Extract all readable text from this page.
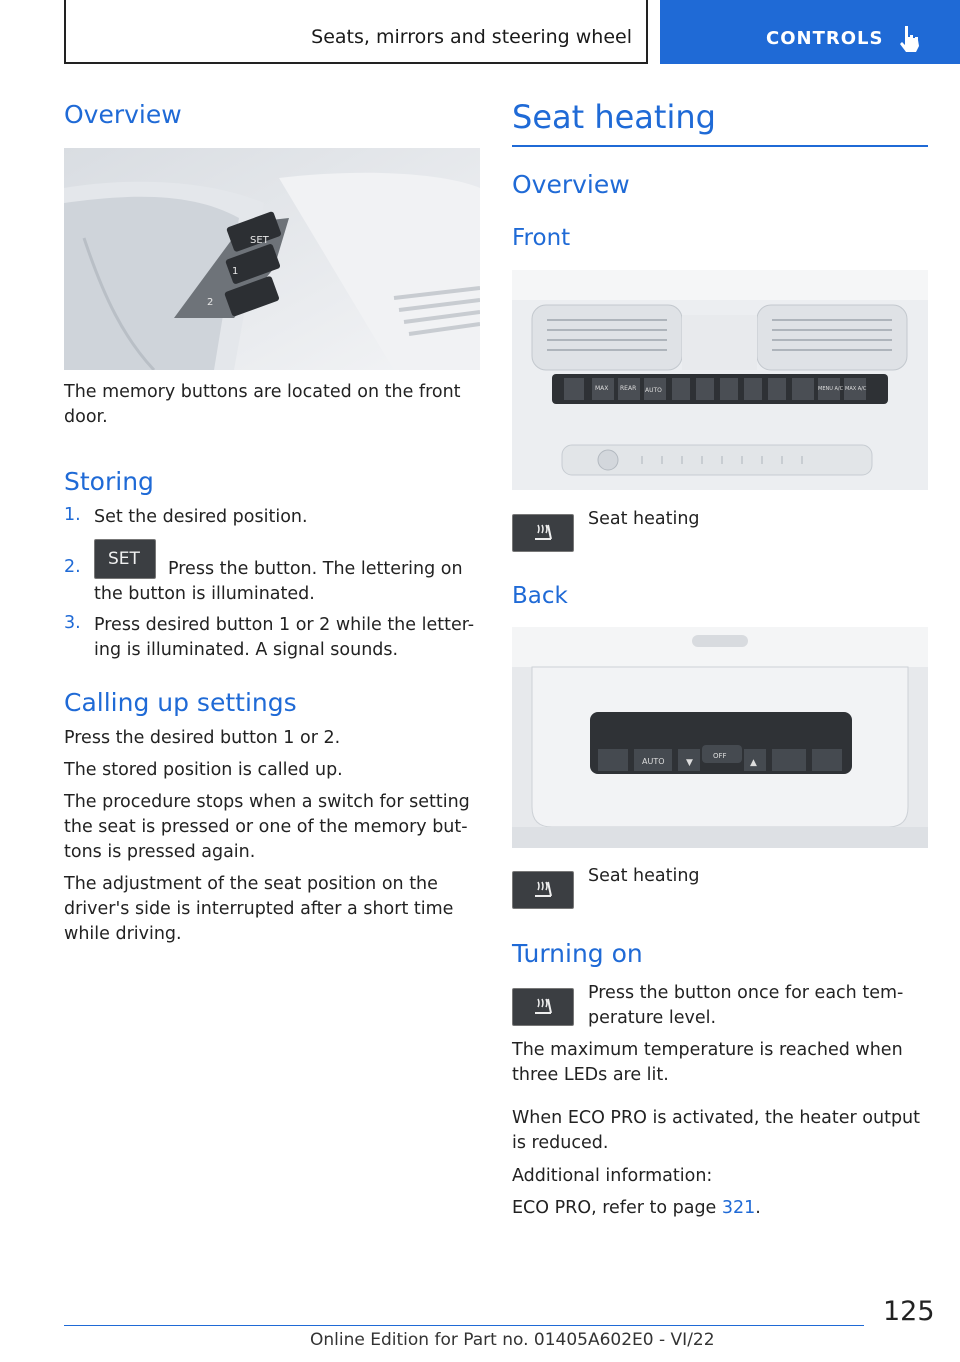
Seats, mirrors and steering wheel	CONTROLS
Overview
SET
1
2
The memory buttons are located on the front door.
Storing
1. Set the desired position.
2. SET	Press the button. The lettering on the button is illuminated.
3. Press desired button 1 or 2 while the letter-ing is illuminated. A signal sounds.
Calling up settings
Press the desired button 1 or 2.
The stored position is called up.
The procedure stops when a switch for setting the seat is pressed or one of the memory but-tons is pressed again.
The adjustment of the seat position on the driver's side is interrupted after a short time while driving.
Seat heating
Overview
Front
MAX REAR AUTO	MENU A/C MAX A/C
Seat heating
Back
AUTO
OFF
▼	▲
Seat heating
Turning on
Press the button once for each tem-perature level.
The maximum temperature is reached when three LEDs are lit.
When ECO PRO is activated, the heater output is reduced.
Additional information:
ECO PRO, refer to page 321.
125
Online Edition for Part no. 01405A602E0 - VI/22
